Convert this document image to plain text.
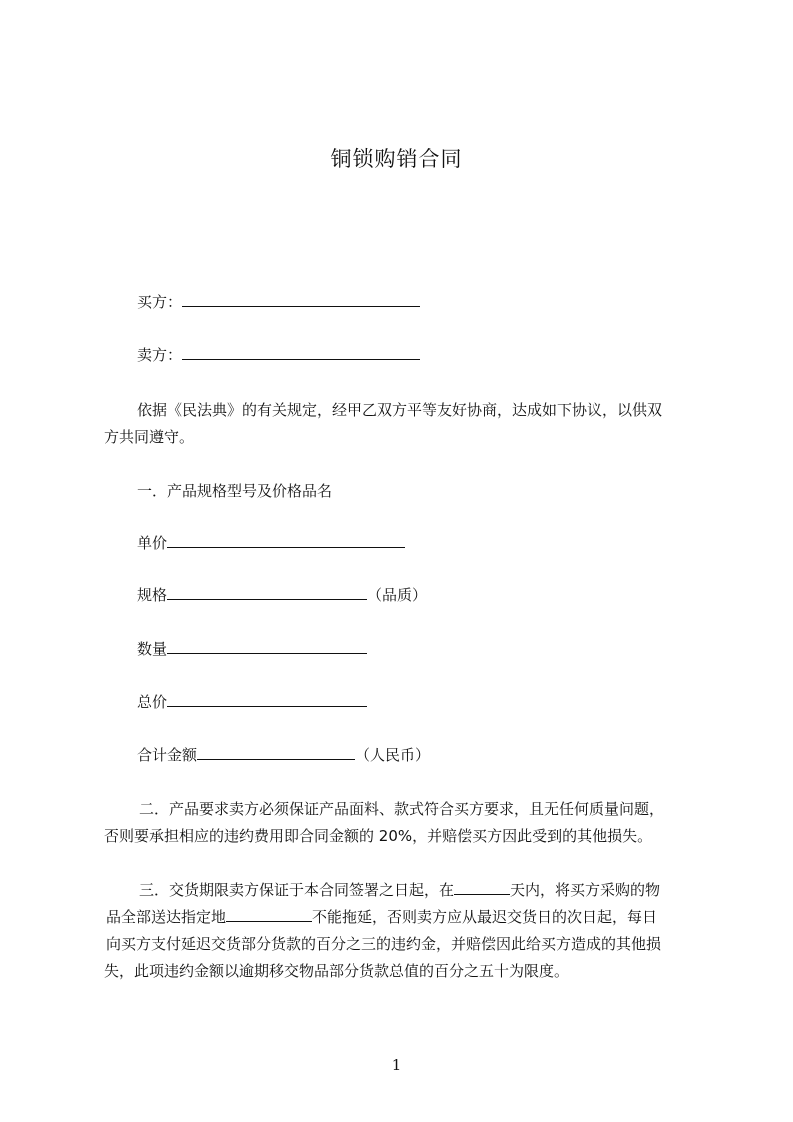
铜锁购销合同
买方：
卖方：
依据《民法典》的有关规定，经甲乙双方平等友好协商，达成如下协议，以供双
方共同遵守。
一．产品规格型号及价格品名
单价
规格	（品质）
数量
总价
合计金额	（人民币）
二．产品要求卖方必须保证产品面料、款式符合买方要求，且无任何质量问题，
否则要承担相应的违约费用即合同金额的 20%，并赔偿买方因此受到的其他损失。
三．交货期限卖方保证于本合同签署之日起，在	天内，将买方采购的物
品全部送达指定地	不能拖延，否则卖方应从最迟交货日的次日起，每日
向买方支付延迟交货部分货款的百分之三的违约金，并赔偿因此给买方造成的其他损
失，此项违约金额以逾期移交物品部分货款总值的百分之五十为限度。
1
